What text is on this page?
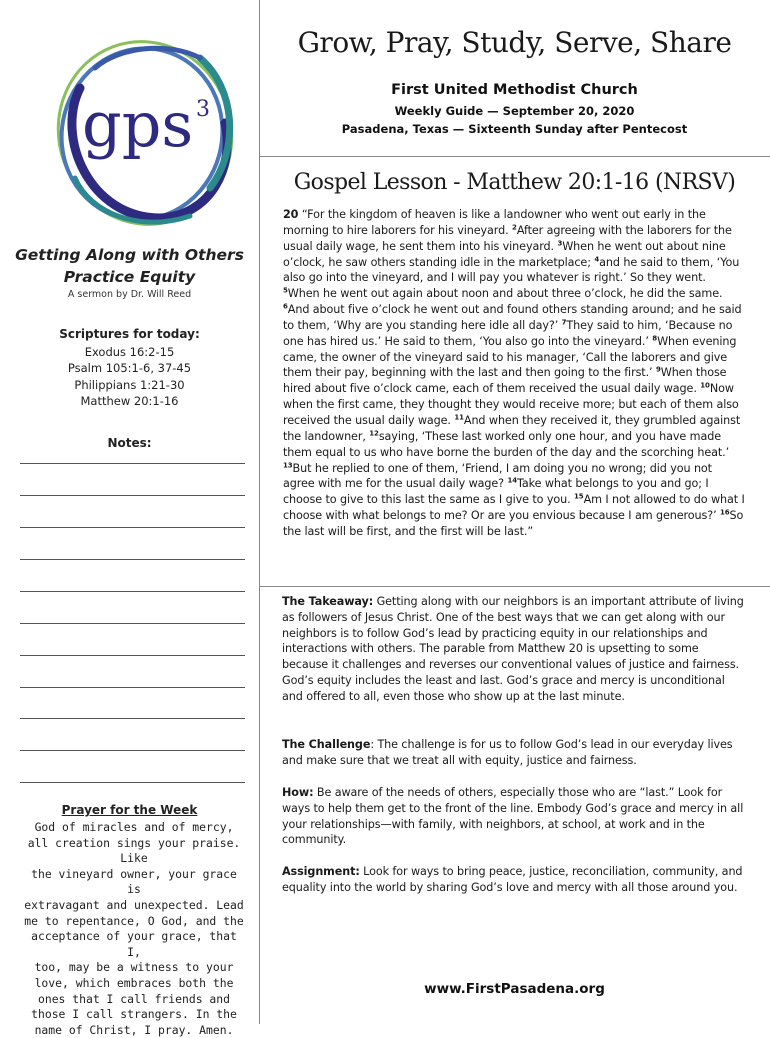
gps 3
Getting Along with Others
Practice Equity
A sermon by Dr. Will Reed
Scriptures for today:
Exodus 16:2-15
Psalm 105:1-6, 37-45
Philippians 1:21-30
Matthew 20:1-16
Notes:
Prayer for the Week
God of miracles and of mercy,
all creation sings your praise. Like
the vineyard owner, your grace is
extravagant and unexpected. Lead
me to repentance, O God, and the
acceptance of your grace, that I,
too, may be a witness to your
love, which embraces both the
ones that I call friends and
those I call strangers. In the
name of Christ, I pray. Amen.
Grow, Pray, Study, Serve, Share
First United Methodist Church
Weekly Guide — September 20, 2020
Pasadena, Texas — Sixteenth Sunday after Pentecost
Gospel Lesson - Matthew 20:1-16 (NRSV)
20 “For the kingdom of heaven is like a landowner who went out early in the morning to hire laborers for his vineyard. $^2$After agreeing with the laborers for the usual daily wage, he sent them into his vineyard. $^3$When he went out about nine o’clock, he saw others standing idle in the marketplace; $^4$and he said to them, ‘You also go into the vineyard, and I will pay you whatever is right.’ So they went. $^5$When he went out again about noon and about three o’clock, he did the same. $^6$And about five o’clock he went out and found others standing around; and he said to them, ‘Why are you standing here idle all day?’ $^7$They said to him, ‘Because no one has hired us.’ He said to them, ‘You also go into the vineyard.’ $^8$When evening came, the owner of the vineyard said to his manager, ‘Call the laborers and give them their pay, beginning with the last and then going to the first.’ $^9$When those hired about five o’clock came, each of them received the usual daily wage. $^{10}$Now when the first came, they thought they would receive more; but each of them also received the usual daily wage. $^{11}$And when they received it, they grumbled against the landowner, $^{12}$saying, ‘These last worked only one hour, and you have made them equal to us who have borne the burden of the day and the scorching heat.’ $^{13}$But he replied to one of them, ‘Friend, I am doing you no wrong; did you not agree with me for the usual daily wage? $^{14}$Take what belongs to you and go; I choose to give to this last the same as I give to you. $^{15}$Am I not allowed to do what I choose with what belongs to me? Or are you envious because I am generous?’ $^{16}$So the last will be first, and the first will be last.”
The Takeaway: Getting along with our neighbors is an important attribute of living as followers of Jesus Christ. One of the best ways that we can get along with our neighbors is to follow God’s lead by practicing equity in our relationships and interactions with others. The parable from Matthew 20 is upsetting to some because it challenges and reverses our conventional values of justice and fairness. God’s equity includes the least and last. God’s grace and mercy is unconditional and offered to all, even those who show up at the last minute.
The Challenge: The challenge is for us to follow God’s lead in our everyday lives and make sure that we treat all with equity, justice and fairness.
How: Be aware of the needs of others, especially those who are “last.” Look for ways to help them get to the front of the line. Embody God’s grace and mercy in all your relationships—with family, with neighbors, at school, at work and in the community.
Assignment: Look for ways to bring peace, justice, reconciliation, community, and equality into the world by sharing God’s love and mercy with all those around you.
www.FirstPasadena.org
